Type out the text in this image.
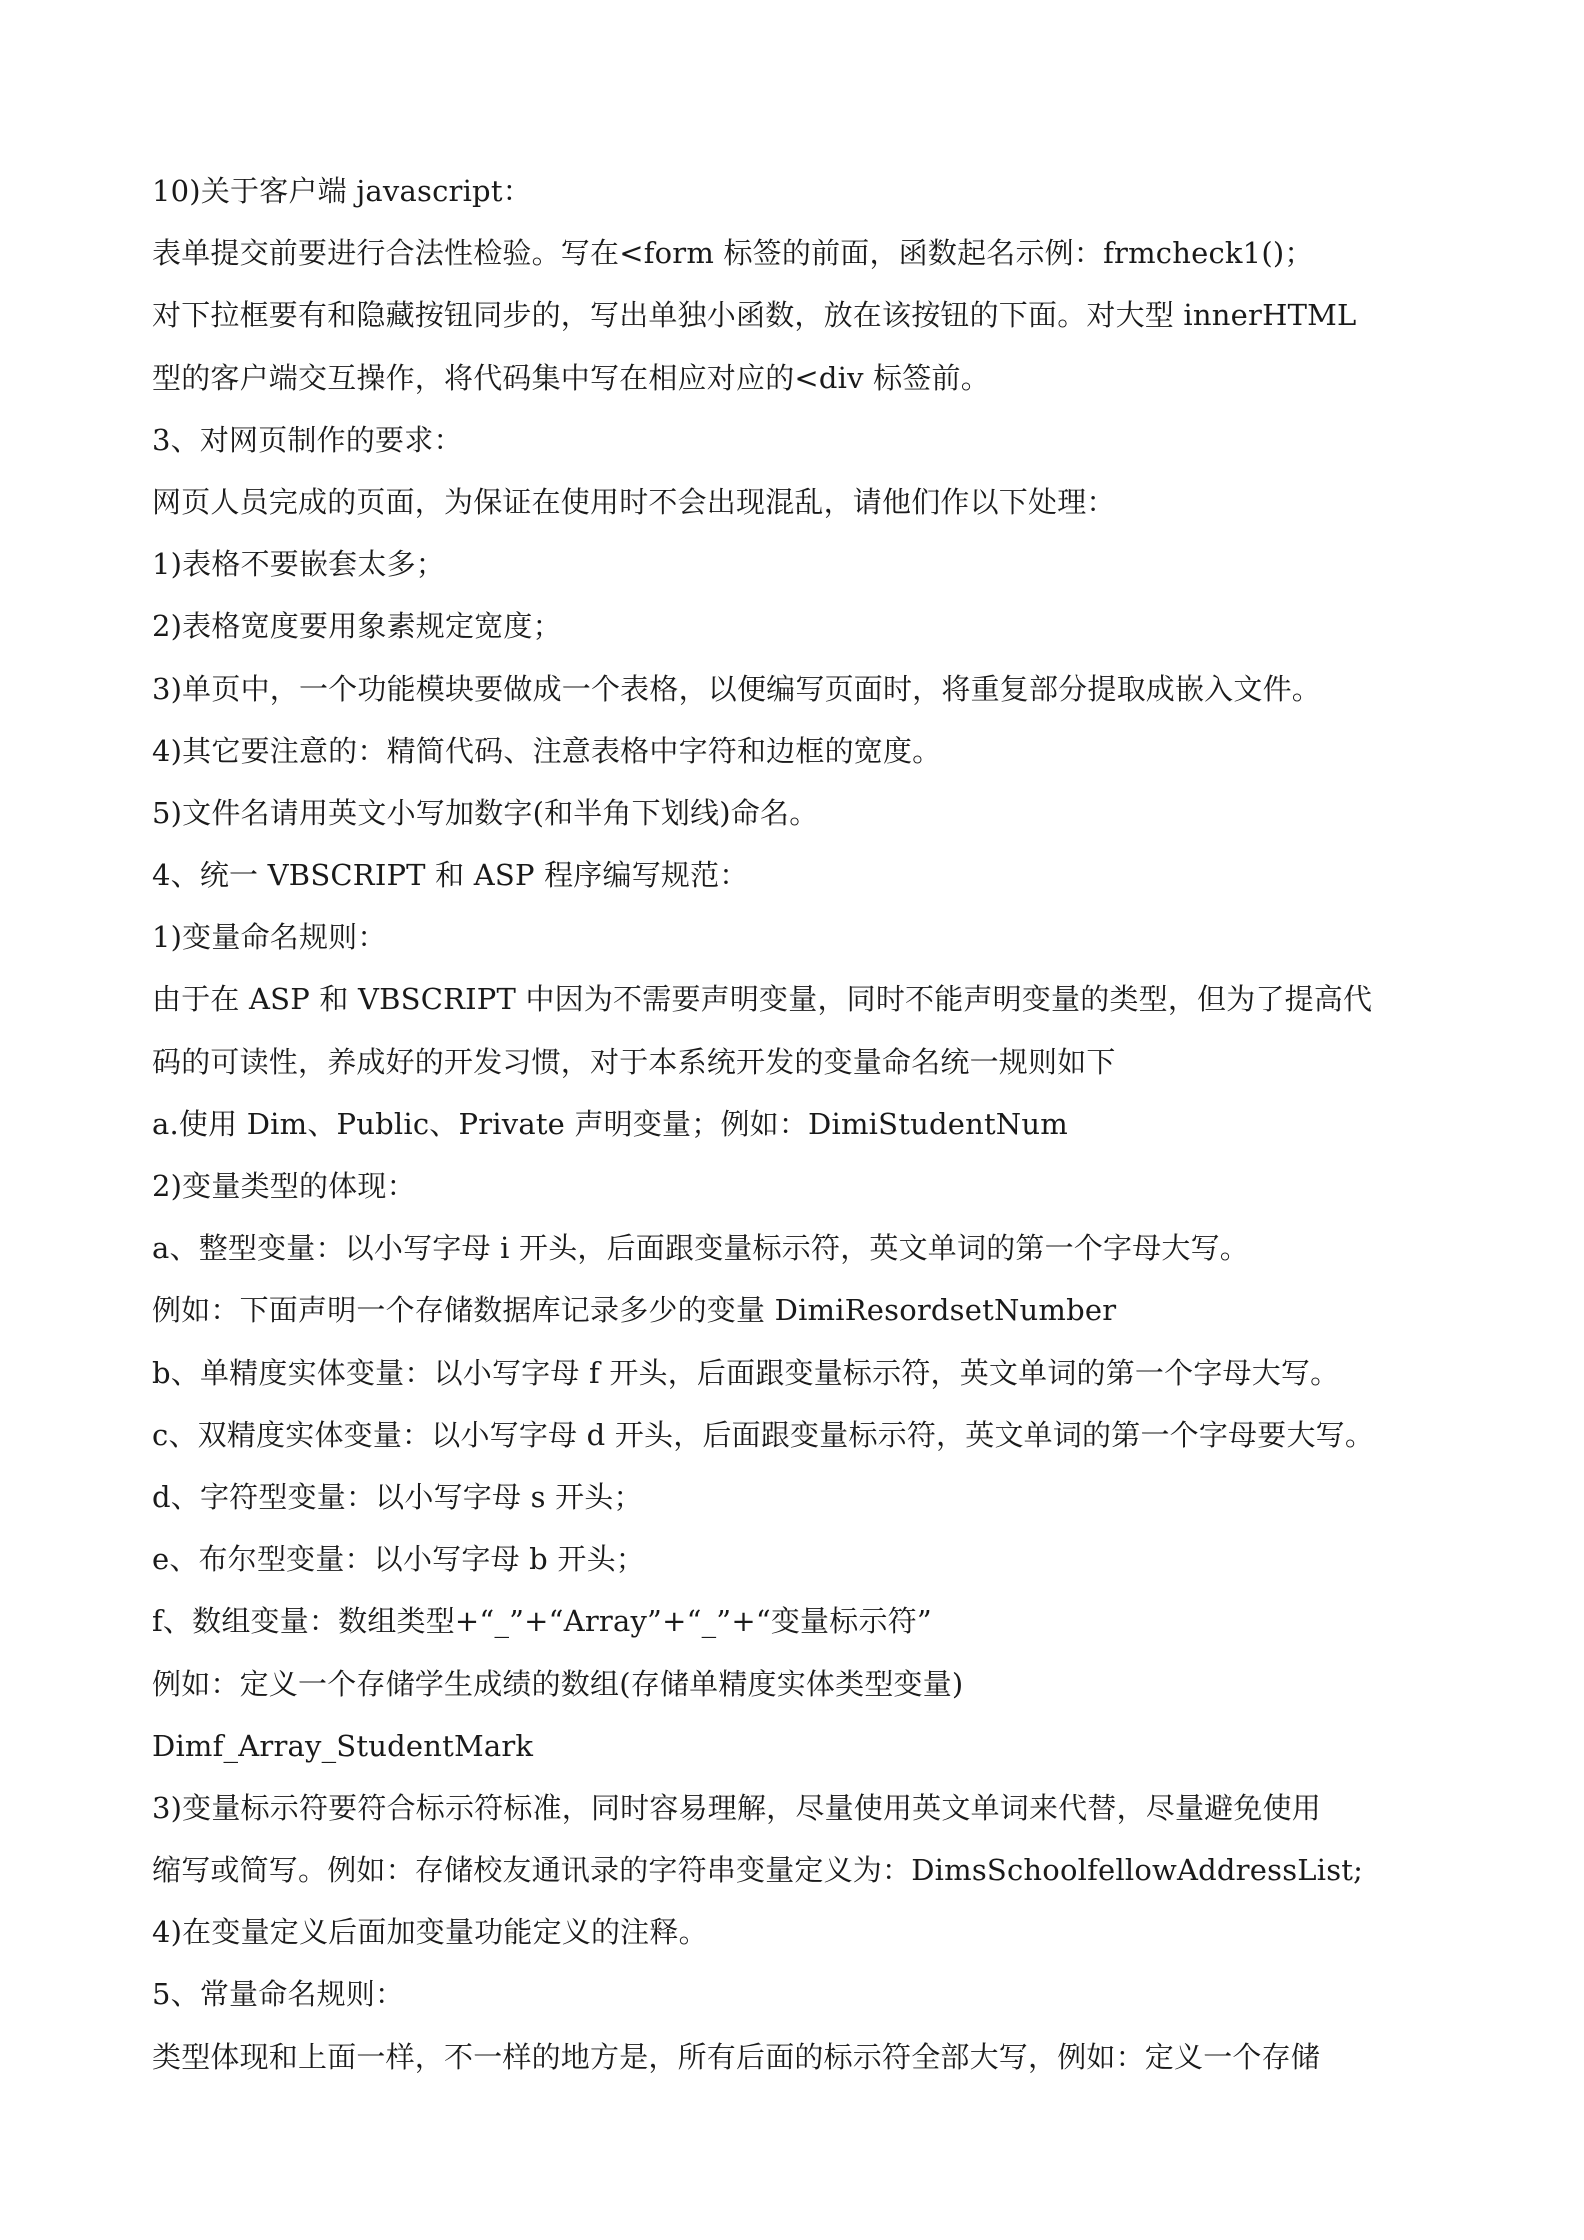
10)关于客户端 javascript：
表单提交前要进行合法性检验。写在<form 标签的前面，函数起名示例：frmcheck1()；
对下拉框要有和隐藏按钮同步的，写出单独小函数，放在该按钮的下面。对大型 innerHTML
型的客户端交互操作，将代码集中写在相应对应的<div 标签前。
3、对网页制作的要求：
网页人员完成的页面，为保证在使用时不会出现混乱，请他们作以下处理：
1)表格不要嵌套太多；
2)表格宽度要用象素规定宽度；
3)单页中，一个功能模块要做成一个表格，以便编写页面时，将重复部分提取成嵌入文件。
4)其它要注意的：精简代码、注意表格中字符和边框的宽度。
5)文件名请用英文小写加数字(和半角下划线)命名。
4、统一 VBSCRIPT 和 ASP 程序编写规范：
1)变量命名规则：
由于在 ASP 和 VBSCRIPT 中因为不需要声明变量，同时不能声明变量的类型，但为了提高代
码的可读性，养成好的开发习惯，对于本系统开发的变量命名统一规则如下
a.使用 Dim、Public、Private 声明变量；例如：DimiStudentNum
2)变量类型的体现：
a、整型变量：以小写字母 i 开头，后面跟变量标示符，英文单词的第一个字母大写。
例如：下面声明一个存储数据库记录多少的变量 DimiResordsetNumber
b、单精度实体变量：以小写字母 f 开头，后面跟变量标示符，英文单词的第一个字母大写。
c、双精度实体变量：以小写字母 d 开头，后面跟变量标示符，英文单词的第一个字母要大写。
d、字符型变量：以小写字母 s 开头；
e、布尔型变量：以小写字母 b 开头；
f、数组变量：数组类型+“_”+“Array”+“_”+“变量标示符”
例如：定义一个存储学生成绩的数组(存储单精度实体类型变量)
Dimf_Array_StudentMark
3)变量标示符要符合标示符标准，同时容易理解，尽量使用英文单词来代替，尽量避免使用
缩写或简写。例如：存储校友通讯录的字符串变量定义为：DimsSchoolfellowAddressList;
4)在变量定义后面加变量功能定义的注释。
5、常量命名规则：
类型体现和上面一样，不一样的地方是，所有后面的标示符全部大写，例如：定义一个存储
